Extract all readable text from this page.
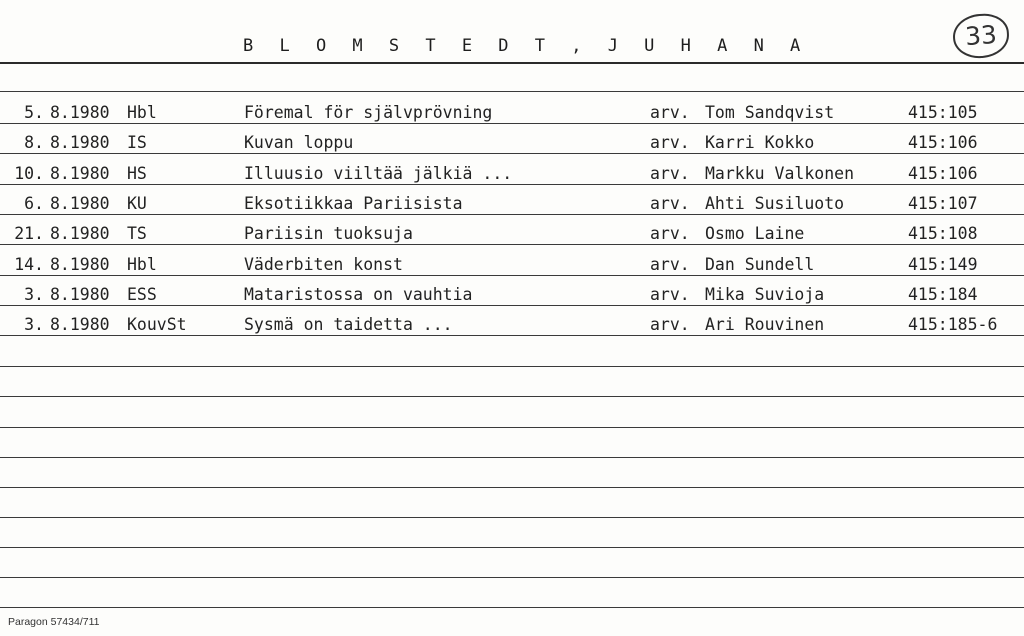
B L O M S T E D T , J U H A N A	33
5. 8.1980 Hbl	Föremal för självprövning	arv. Tom Sandqvist	415:105
8. 8.1980 IS	Kuvan loppu	arv. Karri Kokko	415:106
10. 8.1980 HS	Illuusio viiltää jälkiä ...	arv. Markku Valkonen	415:106
6. 8.1980 KU	Eksotiikkaa Pariisista	arv. Ahti Susiluoto	415:107
21. 8.1980 TS	Pariisin tuoksuja	arv. Osmo Laine	415:108
14. 8.1980 Hbl	Väderbiten konst	arv. Dan Sundell	415:149
3. 8.1980 ESS	Mataristossa on vauhtia	arv. Mika Suvioja	415:184
3. 8.1980 KouvSt	Sysmä on taidetta ...	arv. Ari Rouvinen	415:185-6
Paragon 57434/711
